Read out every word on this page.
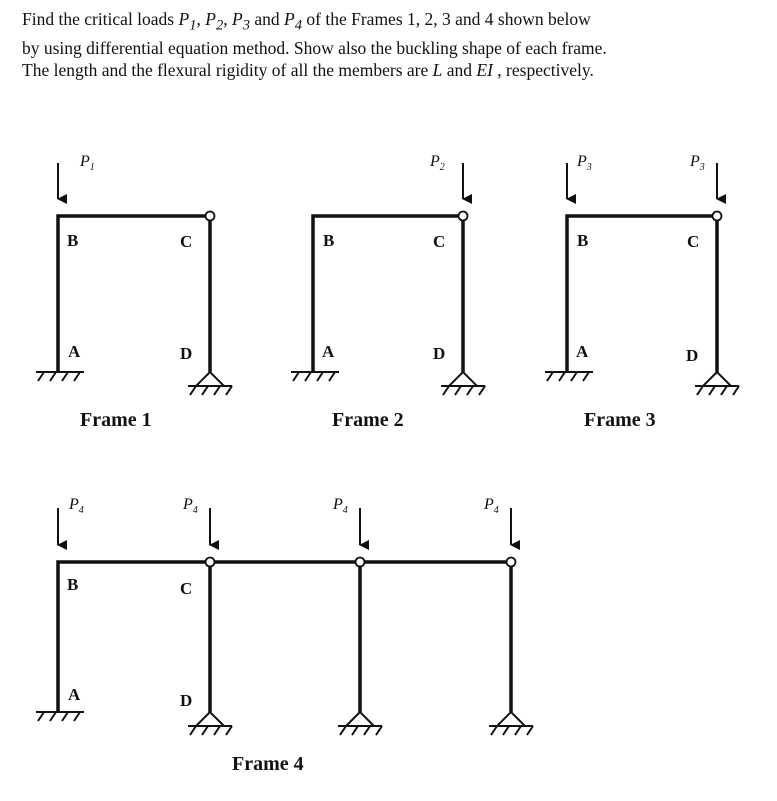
Find the critical loads $P_1$, $P_2$, $P_3$ and $P_4$ of the Frames 1, 2, 3 and 4 shown below

by using differential equation method. Show also the buckling shape of each frame.

The length and the flexural rigidity of all the members are L and EI , respectively.

$P_1$
B	C
A	D
Frame 1
$P_2$
B	C
A	D
Frame 2
$P_3$	$P_3$
B	C
A	D
Frame 3
$P_4$	$P_4$	$P_4$	$P_4$
B	C
A	D
Frame 4
